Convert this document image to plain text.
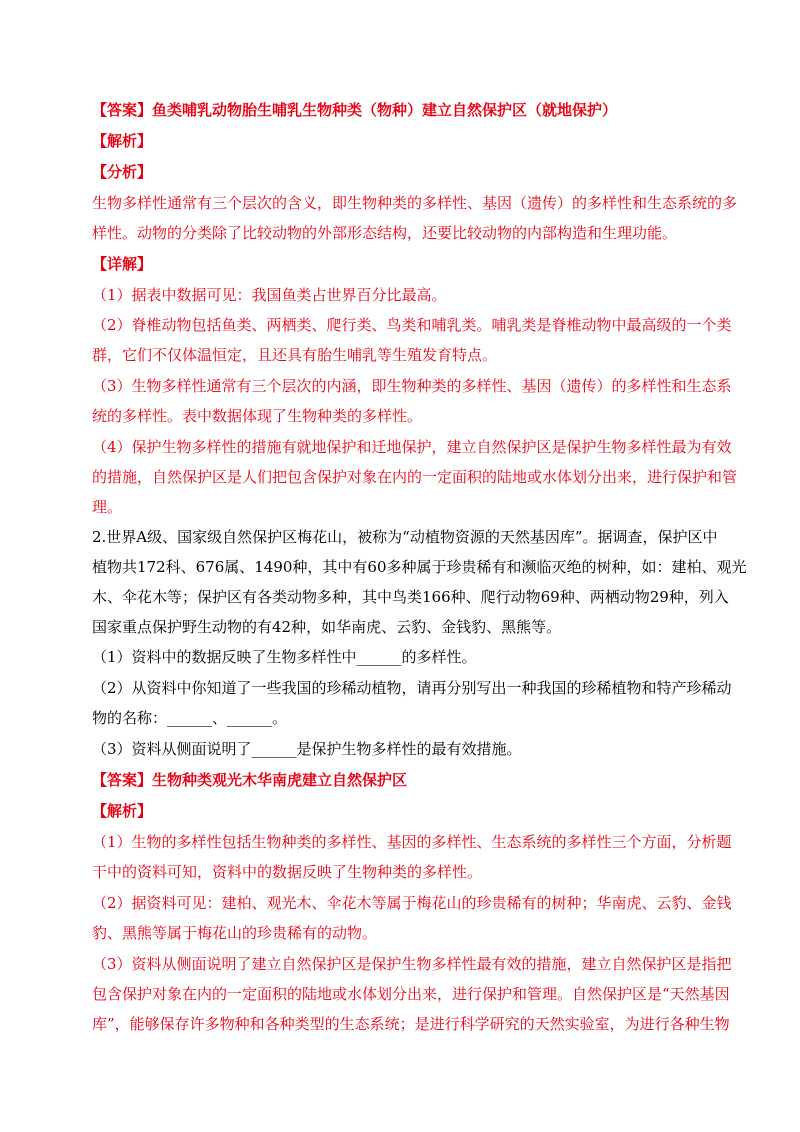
【答案】鱼类哺乳动物胎生哺乳生物种类（物种）建立自然保护区（就地保护）
【解析】
【分析】
生物多样性通常有三个层次的含义，即生物种类的多样性、基因（遗传）的多样性和生态系统的多
样性。动物的分类除了比较动物的外部形态结构，还要比较动物的内部构造和生理功能。
【详解】
（1）据表中数据可见：我国鱼类占世界百分比最高。
（2）脊椎动物包括鱼类、两栖类、爬行类、鸟类和哺乳类。哺乳类是脊椎动物中最高级的一个类
群，它们不仅体温恒定，且还具有胎生哺乳等生殖发育特点。
（3）生物多样性通常有三个层次的内涵，即生物种类的多样性、基因（遗传）的多样性和生态系
统的多样性。表中数据体现了生物种类的多样性。
（4）保护生物多样性的措施有就地保护和迁地保护，建立自然保护区是保护生物多样性最为有效
的措施，自然保护区是人们把包含保护对象在内的一定面积的陆地或水体划分出来，进行保护和管
理。
2.世界A级、国家级自然保护区梅花山，被称为“动植物资源的天然基因库”。据调查，保护区中
植物共172科、676属、1490种，其中有60多种属于珍贵稀有和濒临灭绝的树种，如：建柏、观光
木、伞花木等；保护区有各类动物多种，其中鸟类166种、爬行动物69种、两栖动物29种，列入
国家重点保护野生动物的有42种，如华南虎、云豹、金钱豹、黑熊等。
（1）资料中的数据反映了生物多样性中______的多样性。
（2）从资料中你知道了一些我国的珍稀动植物，请再分别写出一种我国的珍稀植物和特产珍稀动
物的名称：______、______。
（3）资料从侧面说明了______是保护生物多样性的最有效措施。
【答案】生物种类观光木华南虎建立自然保护区
【解析】
（1）生物的多样性包括生物种类的多样性、基因的多样性、生态系统的多样性三个方面，分析题
干中的资料可知，资料中的数据反映了生物种类的多样性。
（2）据资料可见：建柏、观光木、伞花木等属于梅花山的珍贵稀有的树种；华南虎、云豹、金钱
豹、黑熊等属于梅花山的珍贵稀有的动物。
（3）资料从侧面说明了建立自然保护区是保护生物多样性最有效的措施，建立自然保护区是指把
包含保护对象在内的一定面积的陆地或水体划分出来，进行保护和管理。自然保护区是“天然基因
库”，能够保存许多物种和各种类型的生态系统；是进行科学研究的天然实验室，为进行各种生物
